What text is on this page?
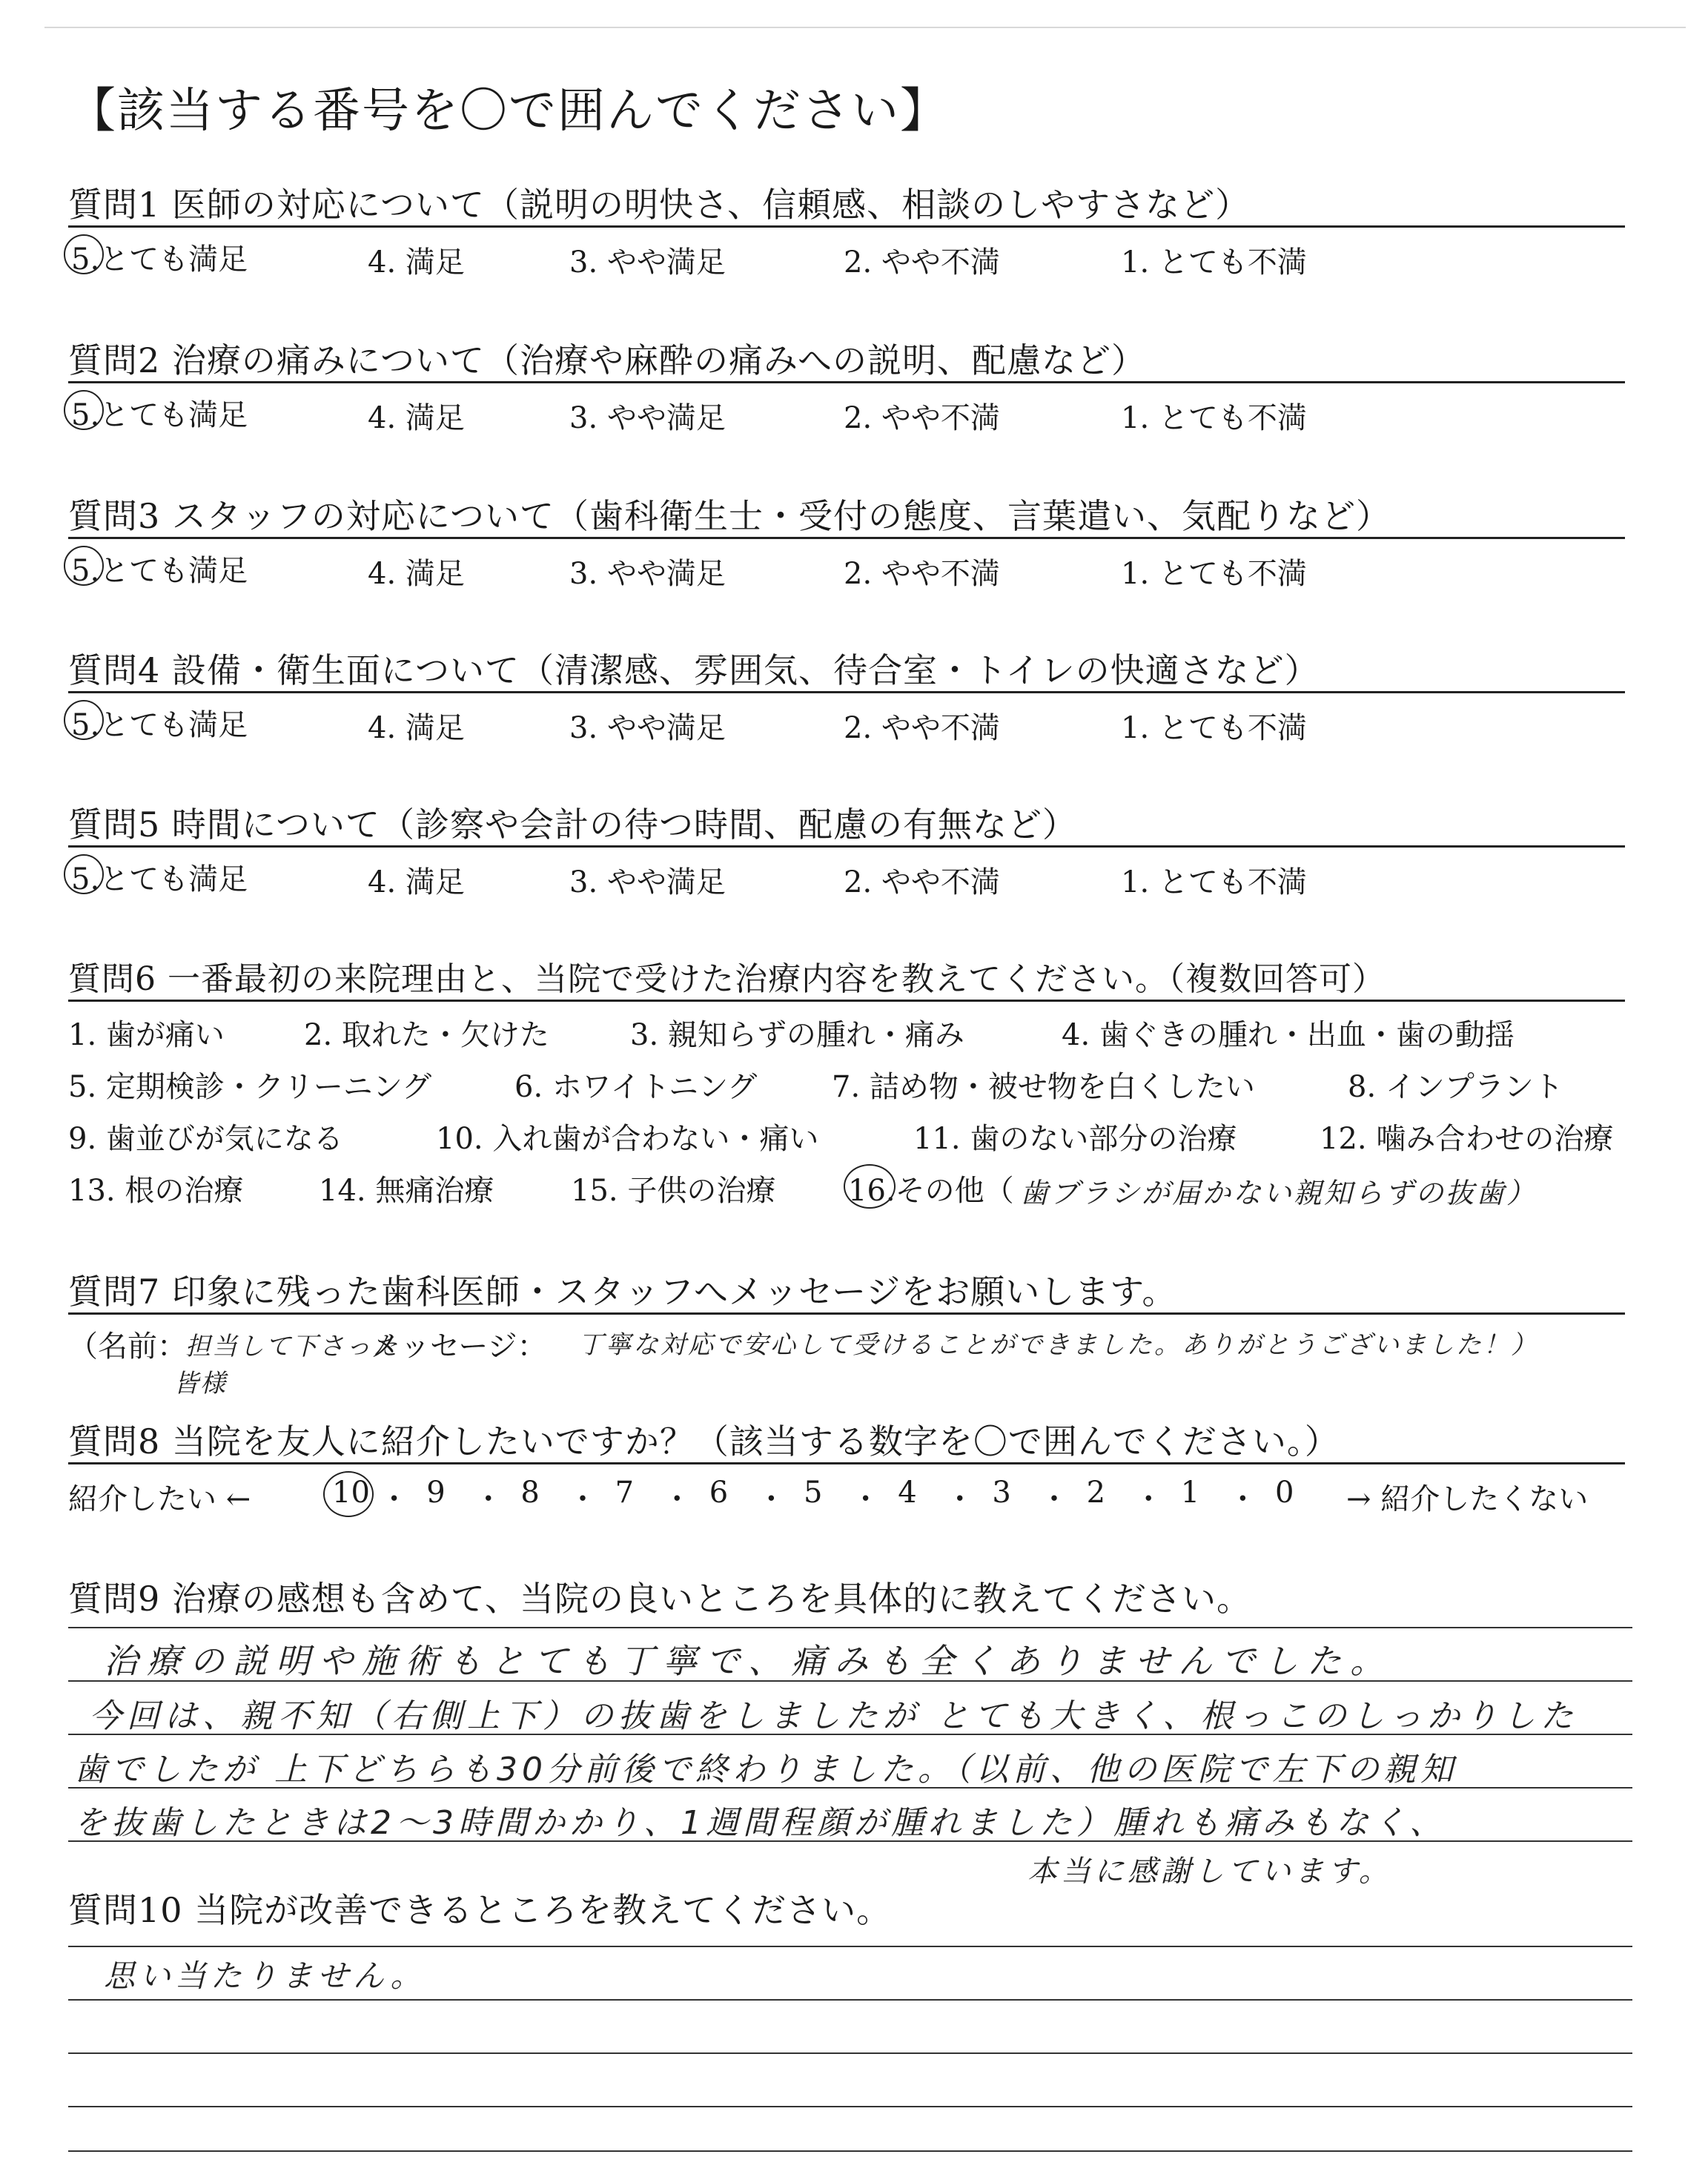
【該当する番号を〇で囲んでください】
質問1 医師の対応について（説明の明快さ、信頼感、相談のしやすさなど）
5.とても満足	4. 満足	3. やや満足	2. やや不満	1. とても不満
質問2 治療の痛みについて（治療や麻酔の痛みへの説明、配慮など）
5.とても満足	4. 満足	3. やや満足	2. やや不満	1. とても不満
質問3 スタッフの対応について（歯科衛生士・受付の態度、言葉遣い、気配りなど）
5.とても満足	4. 満足	3. やや満足	2. やや不満	1. とても不満
質問4 設備・衛生面について（清潔感、雰囲気、待合室・トイレの快適さなど）
5.とても満足	4. 満足	3. やや満足	2. やや不満	1. とても不満
質問5 時間について（診察や会計の待つ時間、配慮の有無など）
5.とても満足	4. 満足	3. やや満足	2. やや不満	1. とても不満
質問6 一番最初の来院理由と、当院で受けた治療内容を教えてください。（複数回答可）
1. 歯が痛い	2. 取れた・欠けた	3. 親知らずの腫れ・痛み	4. 歯ぐきの腫れ・出血・歯の動揺
5. 定期検診・クリーニング	6. ホワイトニング	7. 詰め物・被せ物を白くしたい	8. インプラント
9. 歯並びが気になる	10. 入れ歯が合わない・痛い	11. 歯のない部分の治療	12. 噛み合わせの治療
13. 根の治療	14. 無痛治療	15. 子供の治療 16.その他（ 歯ブラシが届かない親知らずの抜歯）
質問7 印象に残った歯科医師・スタッフへメッセージをお願いします。
（名前：
担当して下さった
皆様
メッセージ： 丁寧な対応で安心して受けることができました。ありがとうございました！）
質問8 当院を友人に紹介したいですか？（該当する数字を〇で囲んでください。）
紹介したい ←	10 ・ 9 ・ 8 ・ 7 ・ 6 ・ 5 ・ 4 ・ 3 ・ 2 ・ 1 ・ 0 → 紹介したくない
質問9 治療の感想も含めて、当院の良いところを具体的に教えてください。
治療の説明や施術もとても丁寧で、痛みも全くありませんでした。
今回は、親不知（右側上下）の抜歯をしましたが とても大きく、根っこのしっかりした
歯でしたが 上下どちらも30分前後で終わりました。（以前、他の医院で左下の親知
を抜歯したときは2〜3時間かかり、1週間程顔が腫れました）腫れも痛みもなく、
本当に感謝しています。
質問10 当院が改善できるところを教えてください。
思い当たりません。
